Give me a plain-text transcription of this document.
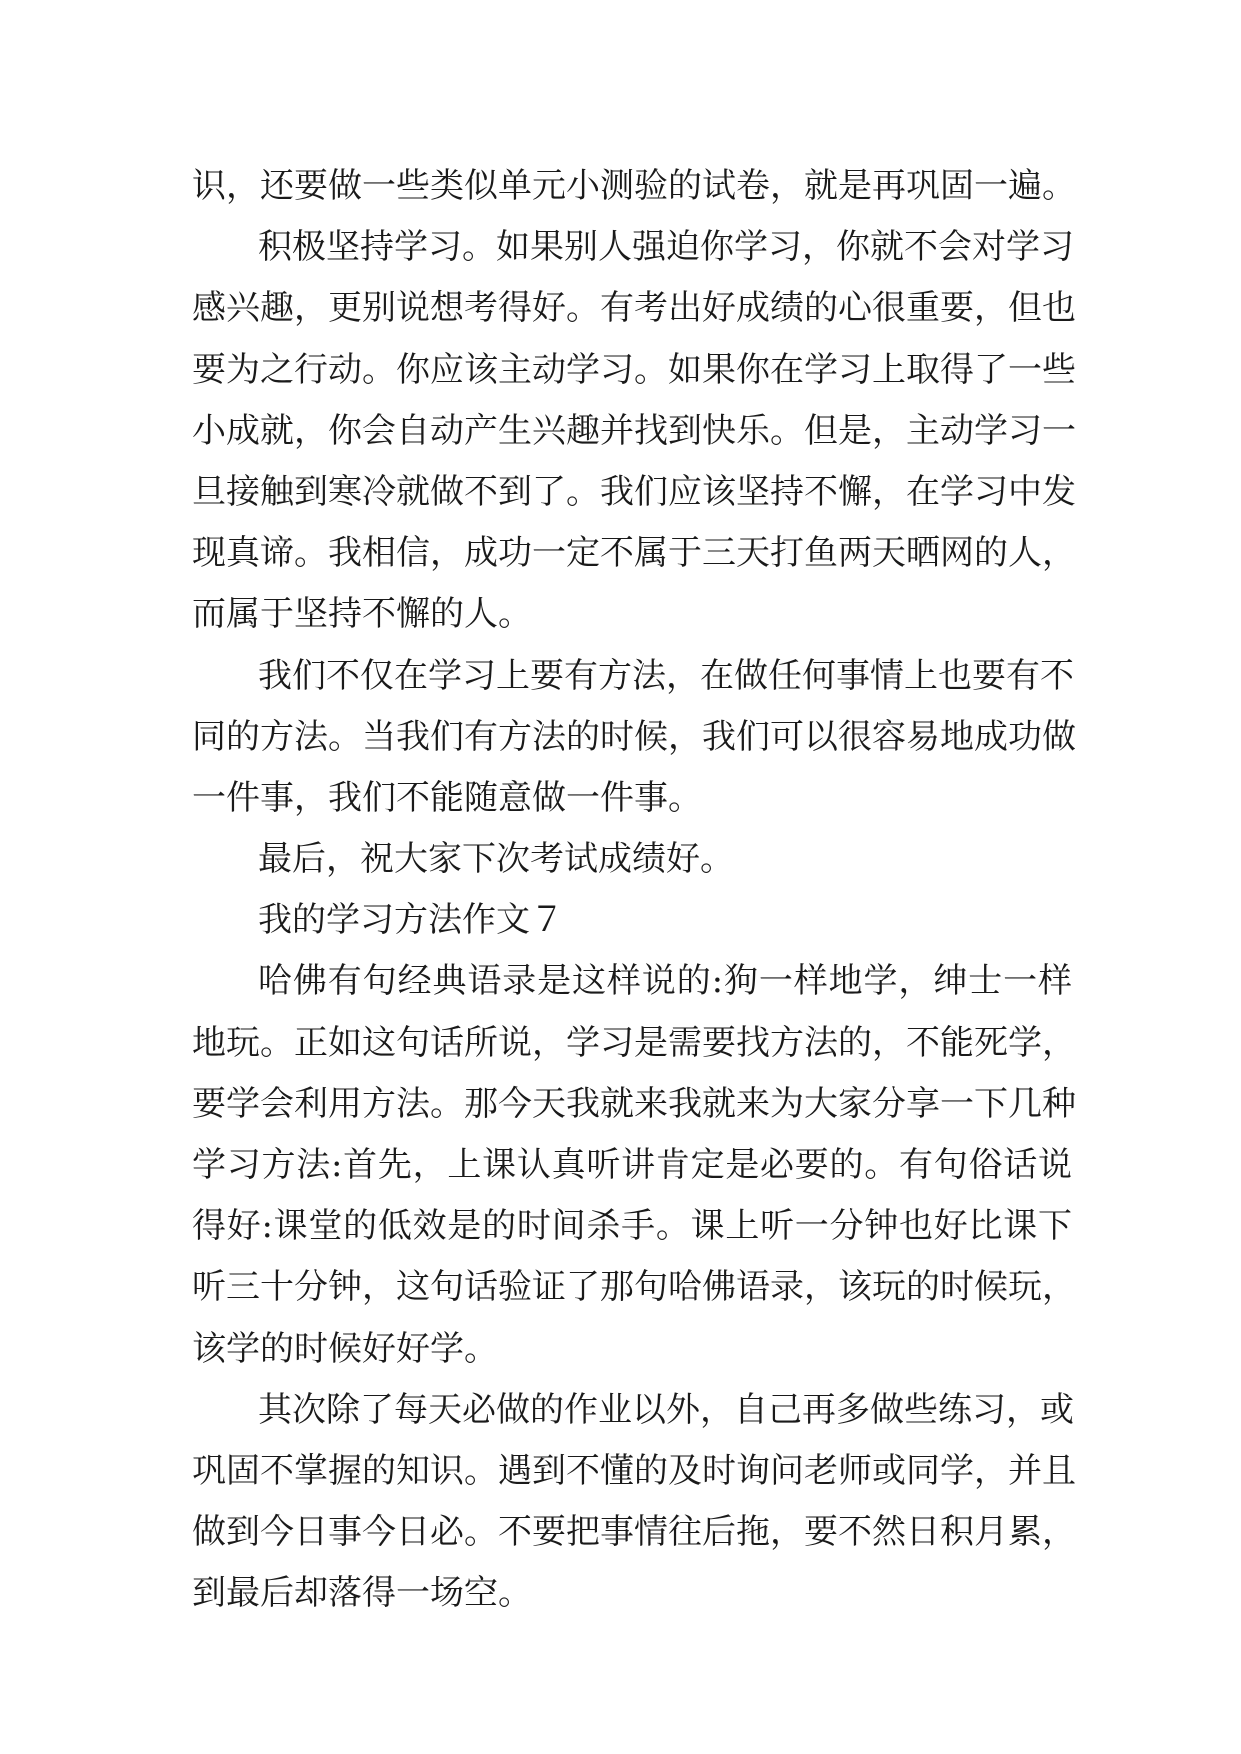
识，还要做一些类似单元小测验的试卷，就是再巩固一遍。
积极坚持学习。如果别人强迫你学习，你就不会对学习
感兴趣，更别说想考得好。有考出好成绩的心很重要，但也
要为之行动。你应该主动学习。如果你在学习上取得了一些
小成就，你会自动产生兴趣并找到快乐。但是，主动学习一
旦接触到寒冷就做不到了。我们应该坚持不懈，在学习中发
现真谛。我相信，成功一定不属于三天打鱼两天晒网的人，
而属于坚持不懈的人。
我们不仅在学习上要有方法，在做任何事情上也要有不
同的方法。当我们有方法的时候，我们可以很容易地成功做
一件事，我们不能随意做一件事。
最后，祝大家下次考试成绩好。
我的学习方法作文７
哈佛有句经典语录是这样说的:狗一样地学，绅士一样
地玩。正如这句话所说，学习是需要找方法的，不能死学，
要学会利用方法。那今天我就来我就来为大家分享一下几种
学习方法:首先，上课认真听讲肯定是必要的。有句俗话说
得好:课堂的低效是的时间杀手。课上听一分钟也好比课下
听三十分钟，这句话验证了那句哈佛语录，该玩的时候玩，
该学的时候好好学。
其次除了每天必做的作业以外，自己再多做些练习，或
巩固不掌握的知识。遇到不懂的及时询问老师或同学，并且
做到今日事今日必。不要把事情往后拖，要不然日积月累，
到最后却落得一场空。
